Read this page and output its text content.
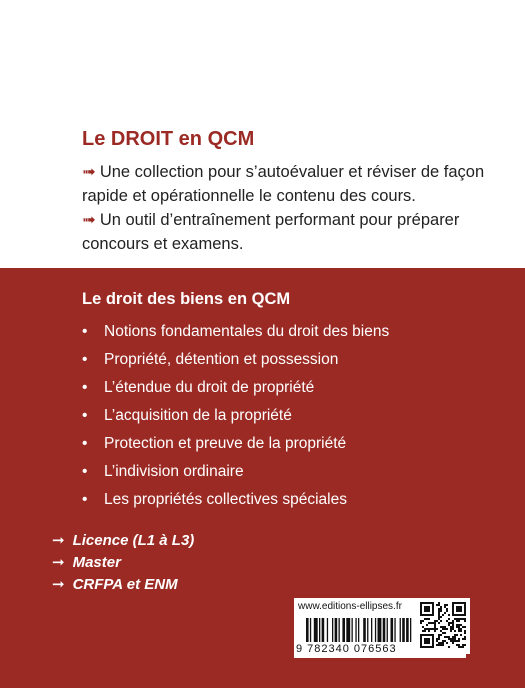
Le DROIT en QCM
➟ Une collection pour s’autoévaluer et réviser de façon rapide et opérationnelle le contenu des cours.
➟ Un outil d’entraînement performant pour préparer concours et examens.
Le droit des biens en QCM
• Notions fondamentales du droit des biens
• Propriété, détention et possession
• L’étendue du droit de propriété
• L’acquisition de la propriété
• Protection et preuve de la propriété
• L’indivision ordinaire
• Les propriétés collectives spéciales
➞ Licence (L1 à L3)
➞ Master
➞ CRFPA et ENM
www.editions-ellipses.fr
9 782340 076563
